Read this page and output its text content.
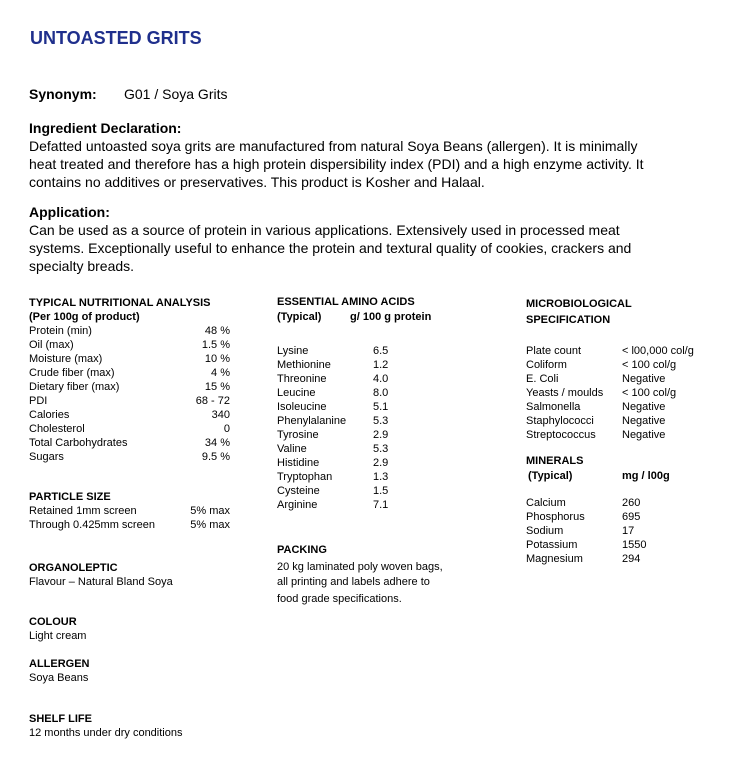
UNTOASTED GRITS
Synonym: G01 / Soya Grits
Ingredient Declaration:
Defatted untoasted soya grits are manufactured from natural Soya Beans (allergen). It is minimally
heat treated and therefore has a high protein dispersibility index (PDI) and a high enzyme activity. It
contains no additives or preservatives. This product is Kosher and Halaal.
Application:
Can be used as a source of protein in various applications. Extensively used in processed meat
systems. Exceptionally useful to enhance the protein and textural quality of cookies, crackers and
specialty breads.
TYPICAL NUTRITIONAL ANALYSIS
(Per 100g of product)
Protein (min)	48 %
Oil (max)	1.5 %
Moisture (max)	10 %
Crude fiber (max)	4 %
Dietary fiber (max)	15 %
PDI	68 - 72
Calories	340
Cholesterol	0
Total Carbohydrates	34 %
Sugars	9.5 %
PARTICLE SIZE
Retained 1mm screen	5% max
Through 0.425mm screen	5% max
ORGANOLEPTIC
Flavour – Natural Bland Soya
COLOUR
Light cream
ALLERGEN
Soya Beans
SHELF LIFE
12 months under dry conditions
ESSENTIAL AMINO ACIDS
(Typical)	g/ 100 g protein
Lysine	6.5
Methionine	1.2
Threonine	4.0
Leucine	8.0
Isoleucine	5.1
Phenylalanine 5.3
Tyrosine	2.9
Valine	5.3
Histidine	2.9
Tryptophan	1.3
Cysteine	1.5
Arginine	7.1
PACKING
20 kg laminated poly woven bags,
all printing and labels adhere to
food grade specifications.
MICROBIOLOGICAL
SPECIFICATION
Plate count	< l00,000 col/g
Coliform	< 100 col/g
E. Coli	Negative
Yeasts / moulds < 100 col/g
Salmonella	Negative
Staphylococci	Negative
Streptococcus Negative
MINERALS
(Typical)	mg / l00g
Calcium	260
Phosphorus	695
Sodium	17
Potassium	1550
Magnesium	294
